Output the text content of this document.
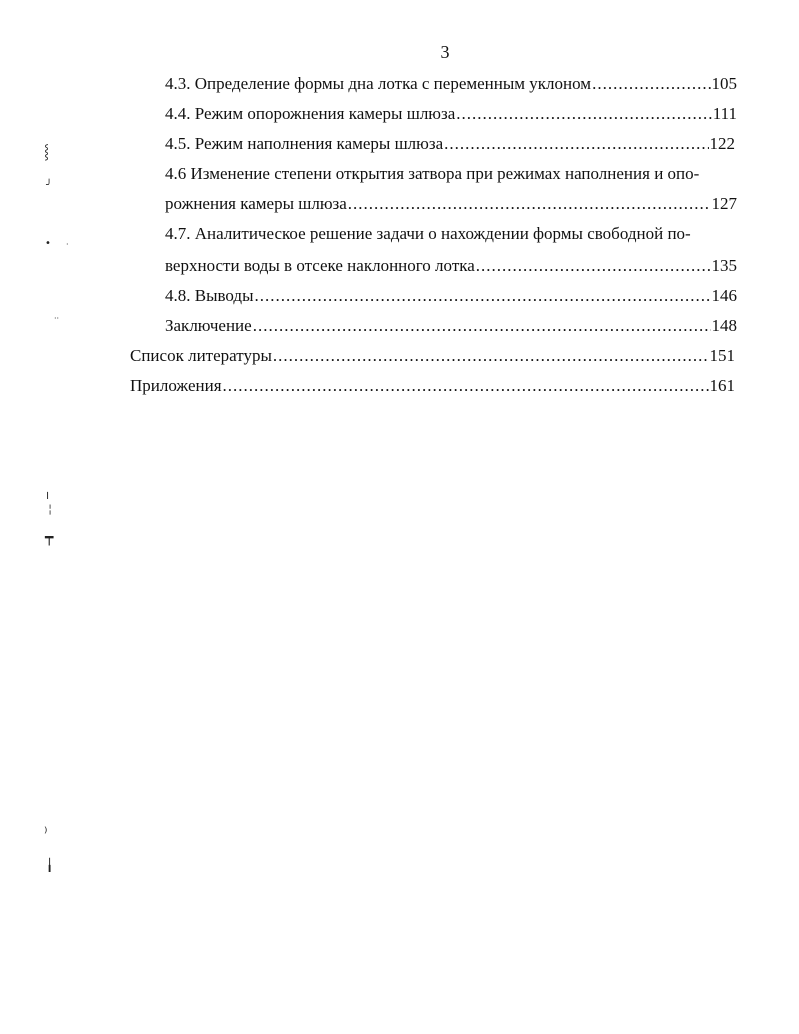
3
4.3. Определение формы дна лотка с переменным уклоном .....	105
4.4. Режим опорожнения камеры шлюза .....	111
4.5. Режим наполнения камеры шлюза .....	122
4.6 Изменение степени открытия затвора при режимах наполнения и опо-
рожнения камеры шлюза .....	127
4.7. Аналитическое решение задачи о нахождении формы свободной по-
верхности воды в отсеке наклонного лотка .....	135
4.8. Выводы .....	146
Заключение .....	148
Список литературы .....	151
Приложения .....	161
⸾
╯
• ·
··
╷
╎
┯
⁾
╽
